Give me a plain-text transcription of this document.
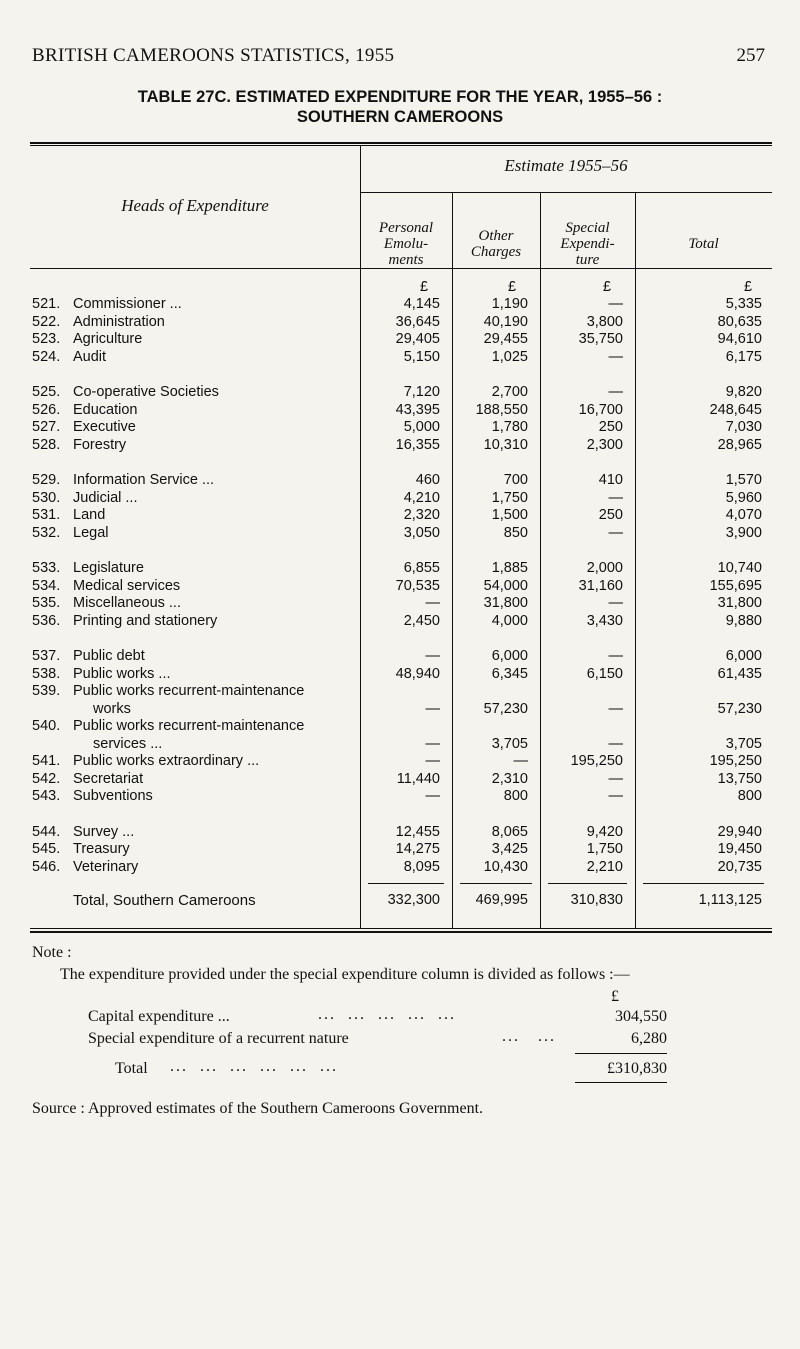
BRITISH CAMEROONS STATISTICS, 1955	257
TABLE 27C. ESTIMATED EXPENDITURE FOR THE YEAR, 1955–56 :
SOUTHERN CAMEROONS
Heads of Expenditure
Estimate 1955–56
Personal
Emolu-
ments
Other
Charges
Special
Expendi-
ture
Total
£	£	£	£
521. Commissioner ...	4,145	1,190	—	5,335
522. Administration	36,645	40,190	3,800	80,635
523. Agriculture	29,405	29,455	35,750	94,610
524. Audit	5,150	1,025	—	6,175
525. Co-operative Societies	7,120	2,700	—	9,820
526. Education	43,395 188,550	16,700	248,645
527. Executive	5,000	1,780	250	7,030
528. Forestry	16,355	10,310	2,300	28,965
529. Information Service ...	460	700	410	1,570
530. Judicial ...	4,210	1,750	—	5,960
531. Land	2,320	1,500	250	4,070
532. Legal	3,050	850	—	3,900
533. Legislature	6,855	1,885	2,000	10,740
534. Medical services	70,535	54,000	31,160	155,695
535. Miscellaneous ...	—	31,800	—	31,800
536. Printing and stationery	2,450	4,000	3,430	9,880
537. Public debt	—	6,000	—	6,000
538. Public works ...	48,940	6,345	6,150	61,435
539. Public works recurrent-maintenance
works	—	57,230	—	57,230
540. Public works recurrent-maintenance
services ...	—	3,705	—	3,705
541. Public works extraordinary ...	—	—	195,250	195,250
542. Secretariat	11,440	2,310	—	13,750
543. Subventions	—	800	—	800
544. Survey ...	12,455	8,065	9,420	29,940
545. Treasury	14,275	3,425	1,750	19,450
546. Veterinary	8,095	10,430	2,210	20,735
Total, Southern Cameroons	332,300 469,995	310,830	1,113,125
Note :
The expenditure provided under the special expenditure column is divided as follows :—
£
Capital expenditure ...	...  ...  ...  ...  ...	304,550
Special expenditure of a recurrent nature	...   ...	6,280
Total ...  ...  ...  ...  ...  ...	£310,830
Source : Approved estimates of the Southern Cameroons Government.
